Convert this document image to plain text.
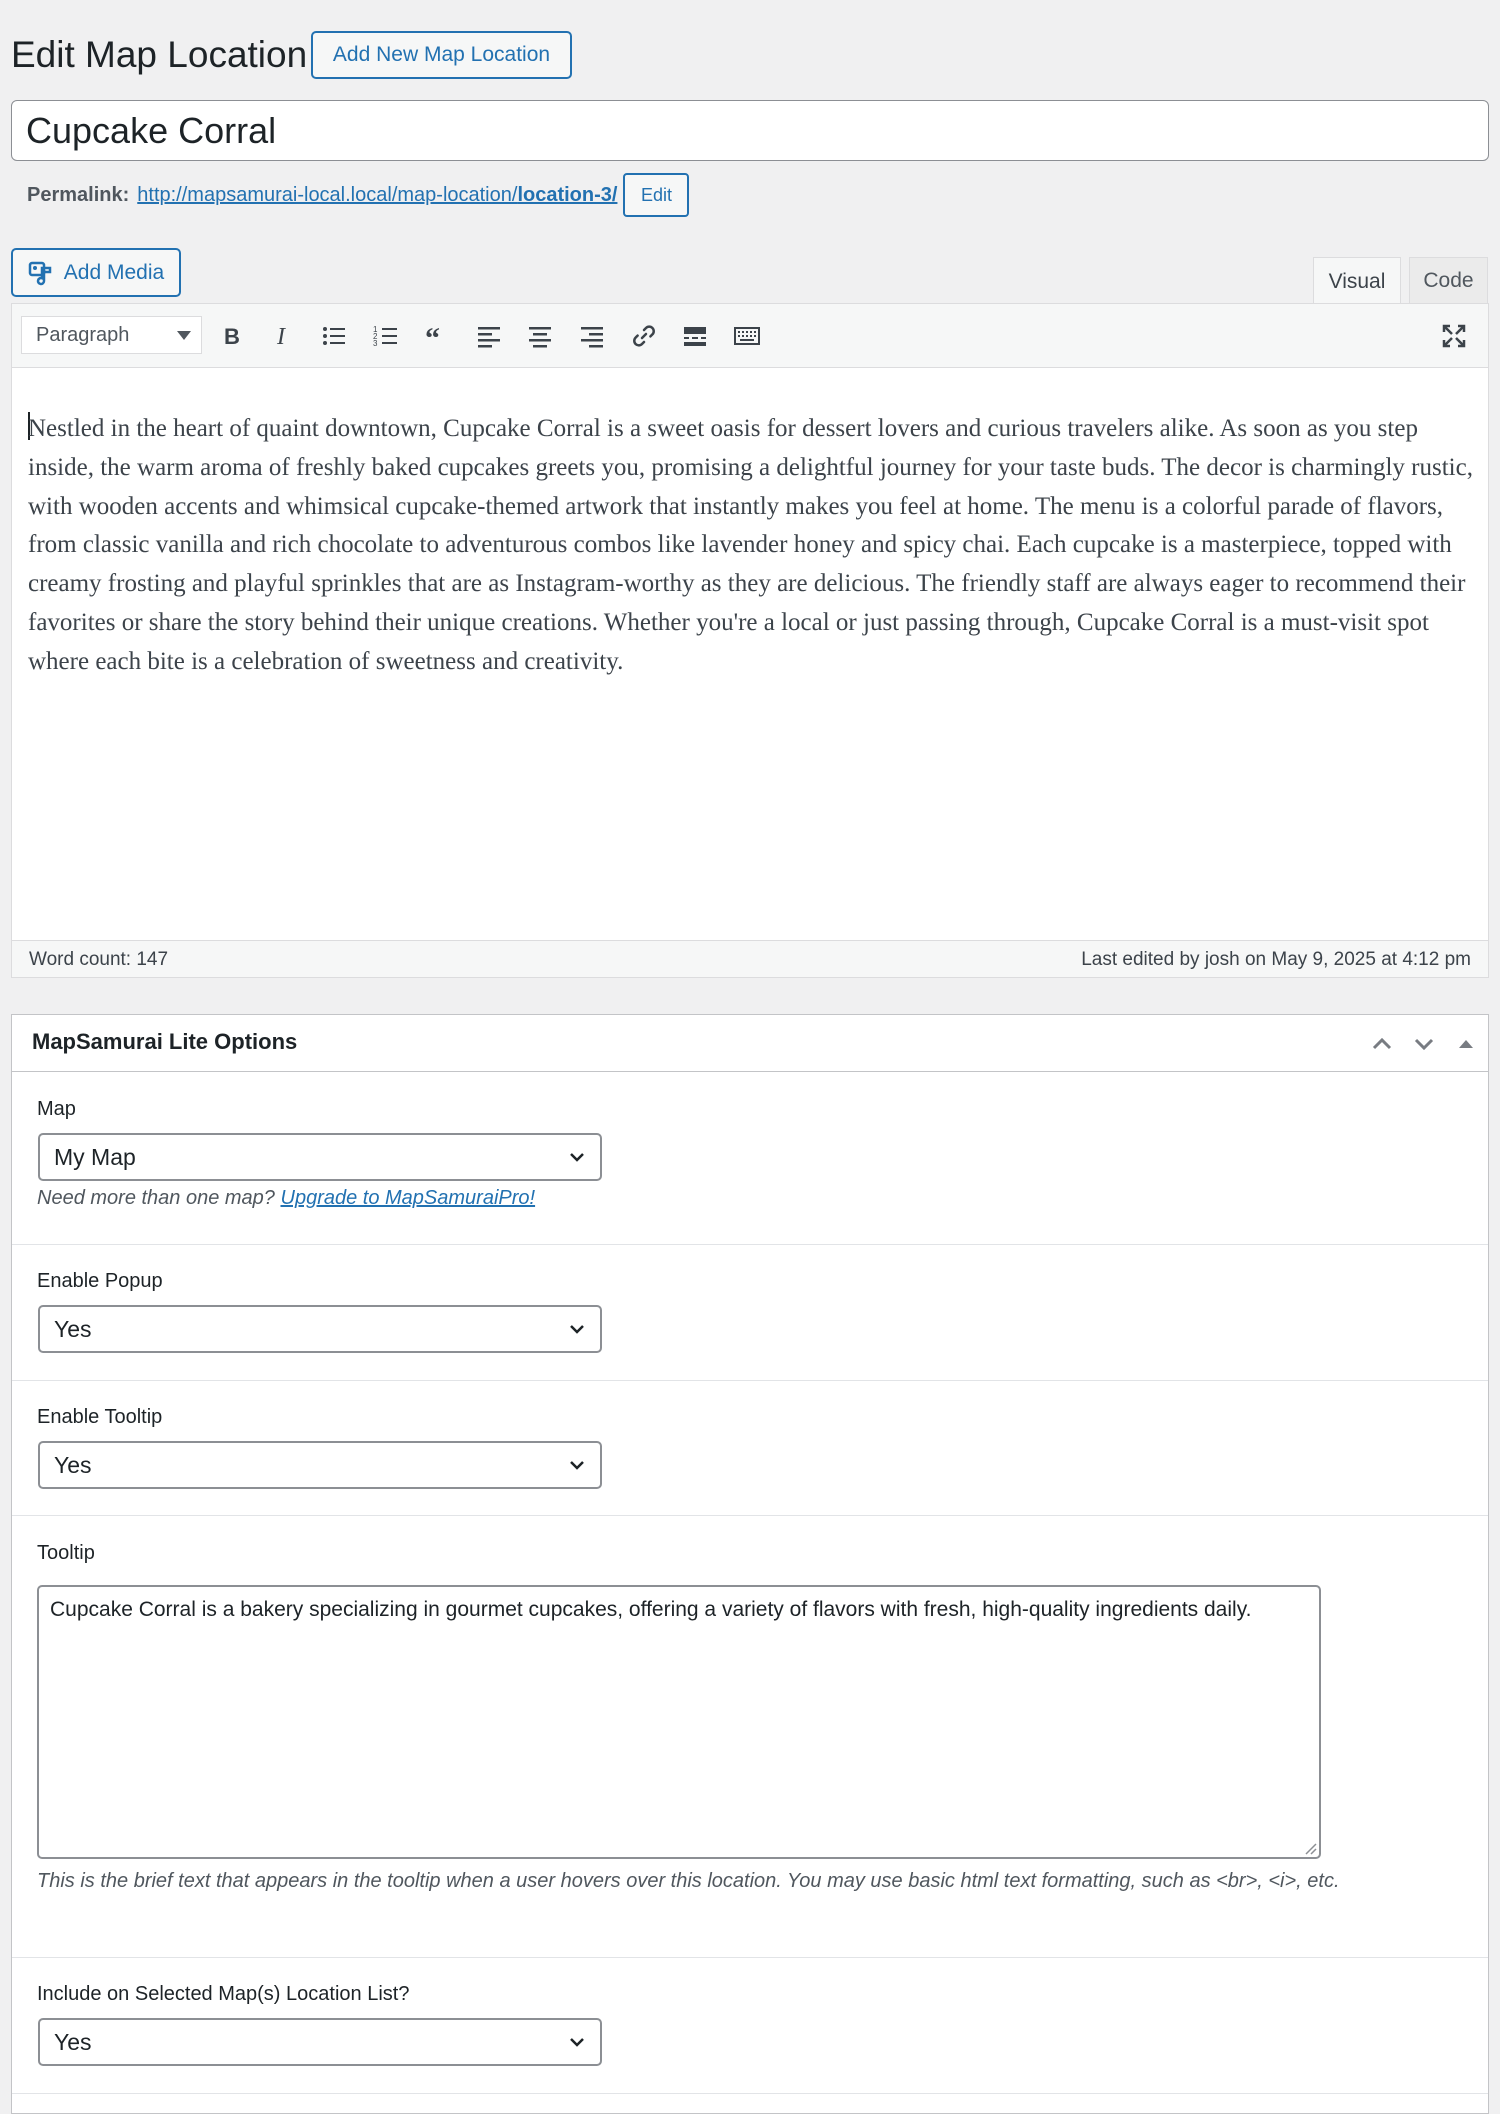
Edit Map Location	Add New Map Location
Cupcake Corral
Permalink: http://mapsamurai-local.local/map-location/location-3/	Edit
Add Media	Visual	Code
Paragraph	B I	1
2
3 “
Nestled in the heart of quaint downtown, Cupcake Corral is a sweet oasis for dessert lovers and curious travelers alike. As soon as you step inside, the warm aroma of freshly baked cupcakes greets you, promising a delightful journey for your taste buds. The decor is charmingly rustic, with wooden accents and whimsical cupcake-themed artwork that instantly makes you feel at home. The menu is a colorful parade of flavors, from classic vanilla and rich chocolate to adventurous combos like lavender honey and spicy chai. Each cupcake is a masterpiece, topped with creamy frosting and playful sprinkles that are as Instagram-worthy as they are delicious. The friendly staff are always eager to recommend their favorites or share the story behind their unique creations. Whether you're a local or just passing through, Cupcake Corral is a must-visit spot where each bite is a celebration of sweetness and creativity.
Word count: 147	Last edited by josh on May 9, 2025 at 4:12 pm
MapSamurai Lite Options
Map
My Map
Need more than one map? Upgrade to MapSamuraiPro!
Enable Popup
Yes
Enable Tooltip
Yes
Tooltip
Cupcake Corral is a bakery specializing in gourmet cupcakes, offering a variety of flavors with fresh, high-quality ingredients daily.
This is the brief text that appears in the tooltip when a user hovers over this location. You may use basic html text formatting, such as <br>, <i>, etc.
Include on Selected Map(s) Location List?
Yes
